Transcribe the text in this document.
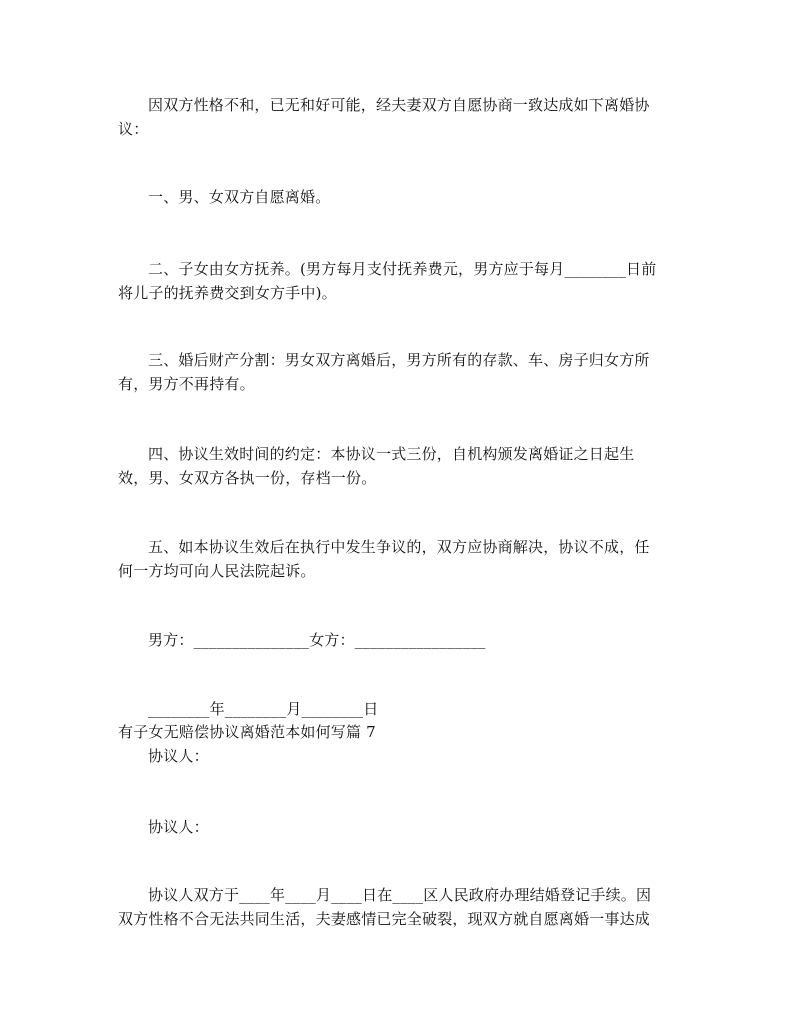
因双方性格不和，已无和好可能，经夫妻双方自愿协商一致达成如下离婚协
议：
一、男、女双方自愿离婚。
二、子女由女方抚养。(男方每月支付抚养费元，男方应于每月________日前
将儿子的抚养费交到女方手中)。
三、婚后财产分割：男女双方离婚后，男方所有的存款、车、房子归女方所
有，男方不再持有。
四、协议生效时间的约定：本协议一式三份，自机构颁发离婚证之日起生
效，男、女双方各执一份，存档一份。
五、如本协议生效后在执行中发生争议的，双方应协商解决，协议不成，任
何一方均可向人民法院起诉。
男方：_______________女方：_________________
________年________月________日
有子女无赔偿协议离婚范本如何写篇 7
协议人：
协议人：
协议人双方于____年____月____日在____区人民政府办理结婚登记手续。因
双方性格不合无法共同生活，夫妻感情已完全破裂，现双方就自愿离婚一事达成
